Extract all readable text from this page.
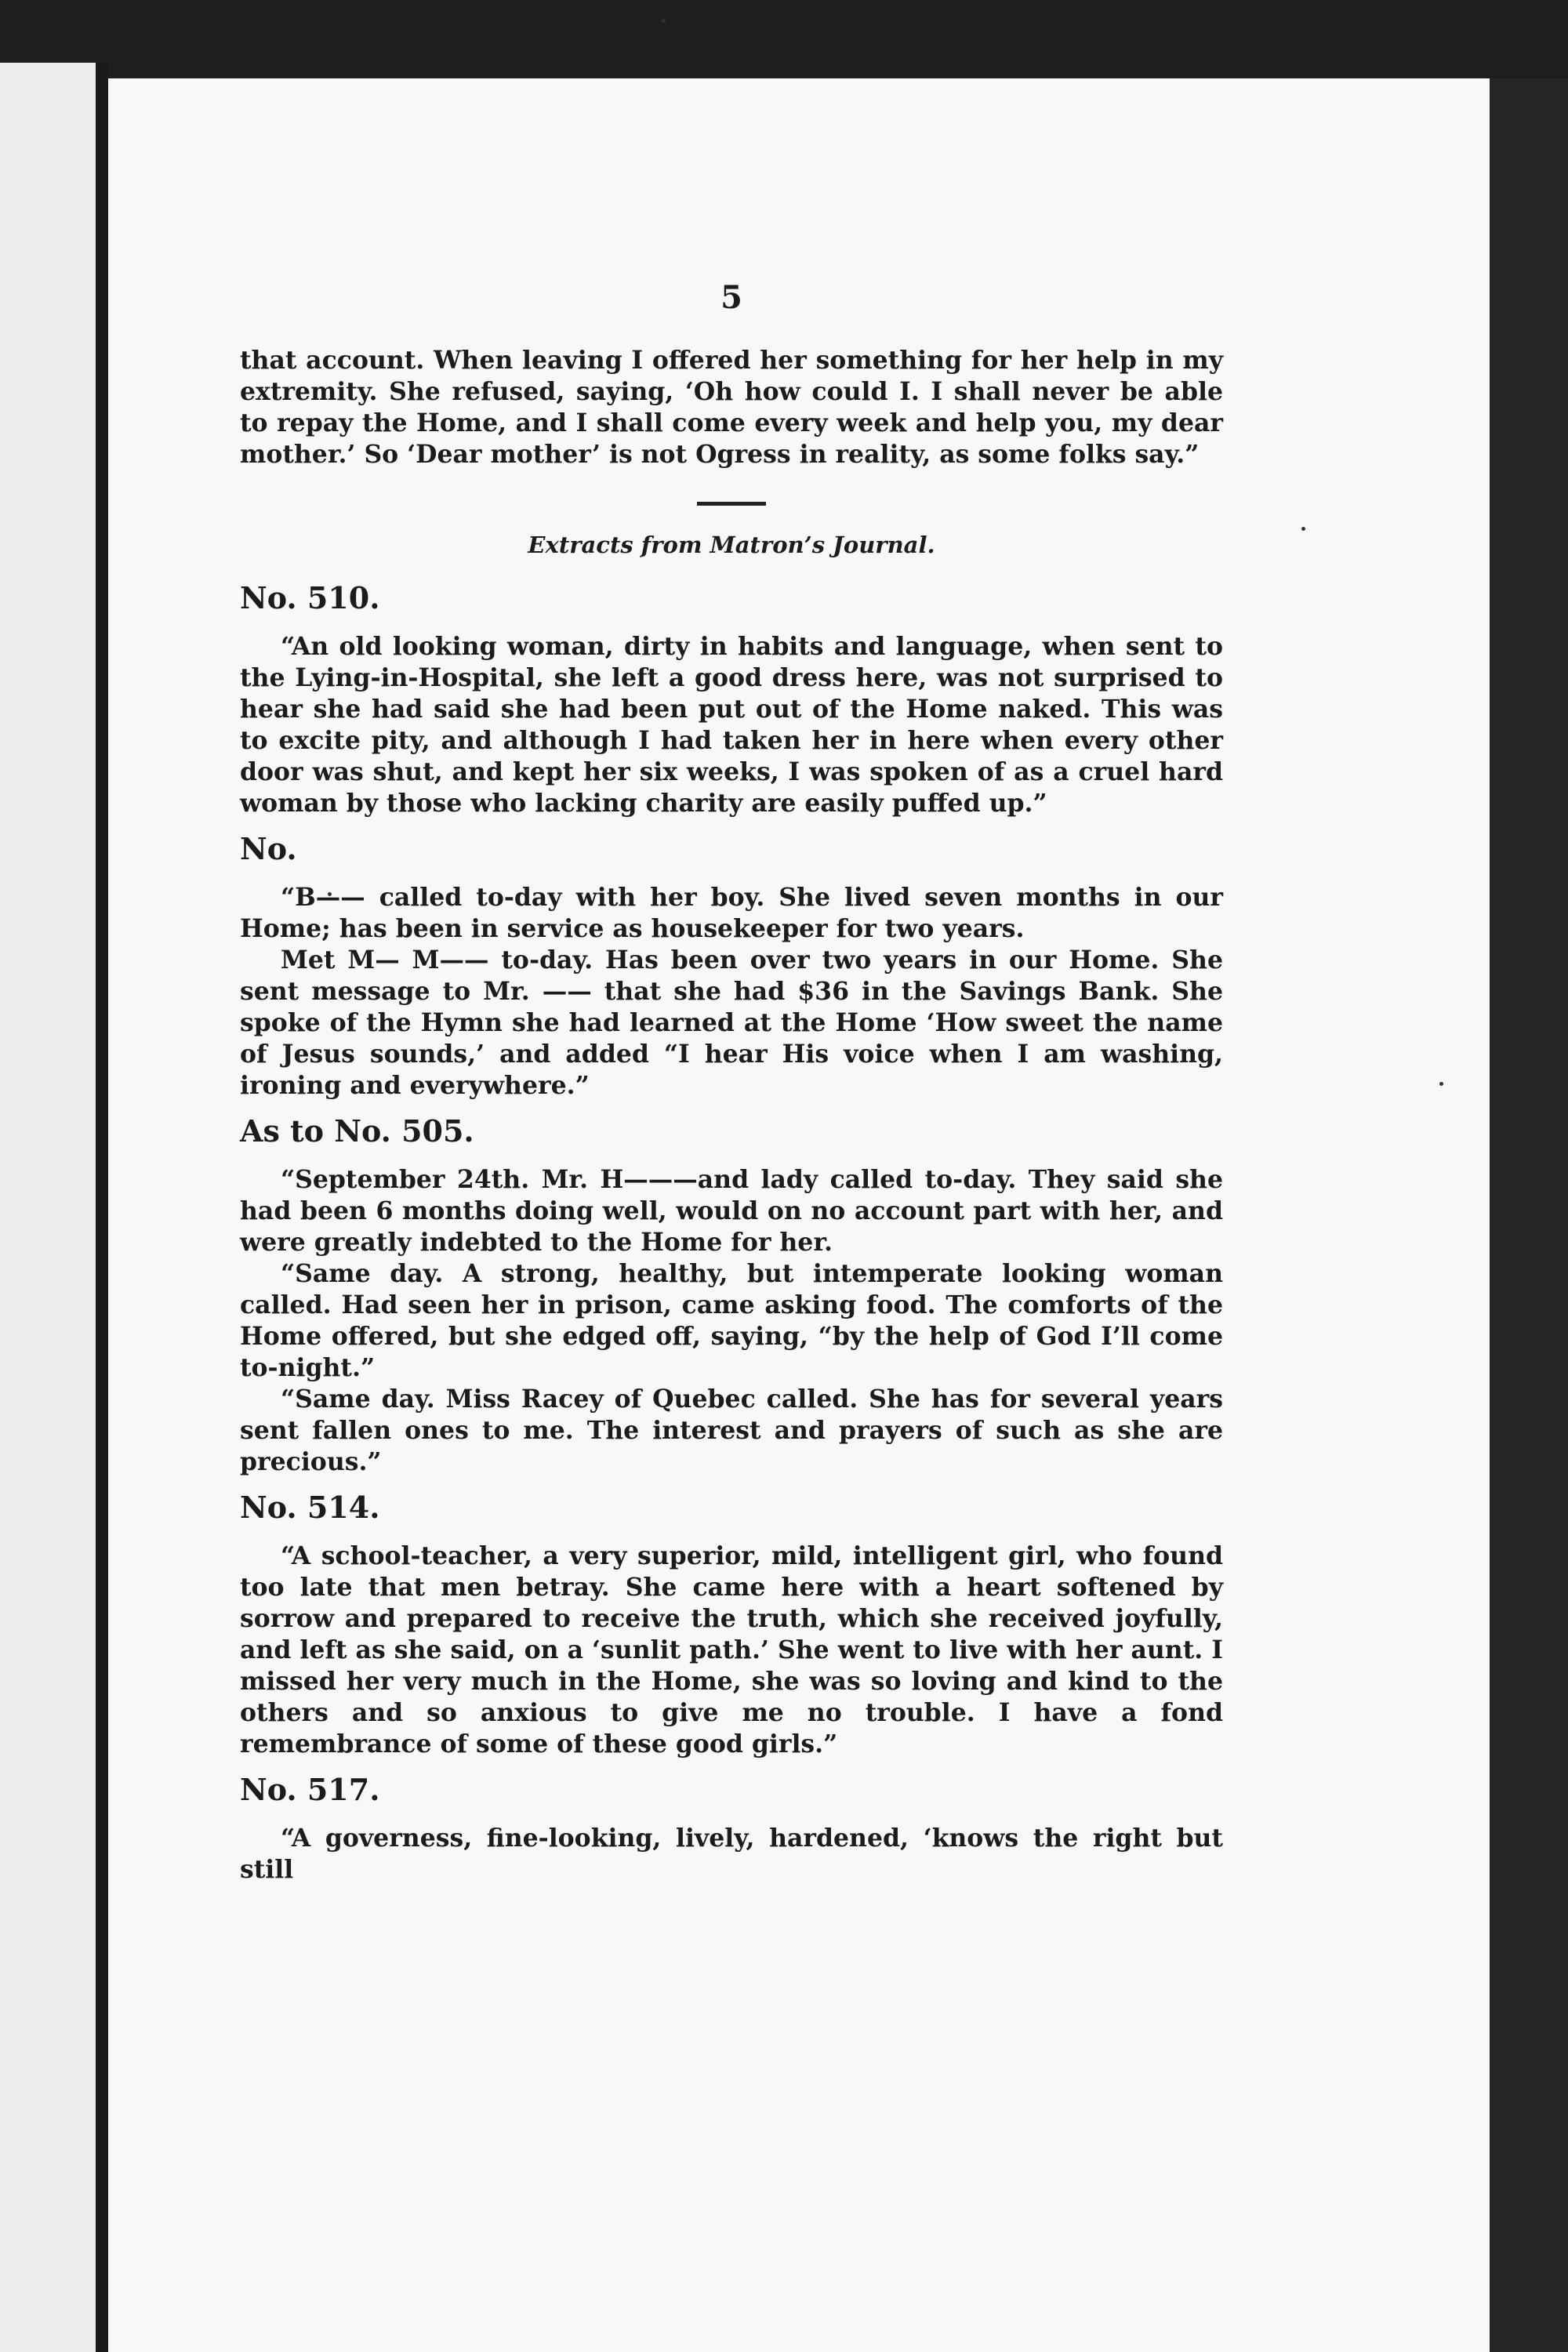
5

that account. When leaving I offered her something for her help in my extremity. She refused, saying, ‘Oh how could I. I shall never be able to repay the Home, and I shall come every week and help you, my dear mother.’ So ‘Dear mother’ is not Ogress in reality, as some folks say.”

Extracts from Matron’s Journal.
No. 510.

“An old looking woman, dirty in habits and language, when sent to the Lying-in-Hospital, she left a good dress here, was not surprised to hear she had said she had been put out of the Home naked. This was to excite pity, and although I had taken her in here when every other door was shut, and kept her six weeks, I was spoken of as a cruel hard woman by those who lacking charity are easily puffed up.”

No.

“B—— called to-day with her boy. She lived seven months in our Home; has been in service as housekeeper for two years.

Met M— M—— to-day. Has been over two years in our Home. She sent message to Mr. —— that she had $36 in the Savings Bank. She spoke of the Hymn she had learned at the Home ‘How sweet the name of Jesus sounds,’ and added “I hear His voice when I am washing, ironing and everywhere.”

As to No. 505.

“September 24th. Mr. H———and lady called to-day. They said she had been 6 months doing well, would on no account part with her, and were greatly indebted to the Home for her.

“Same day. A strong, healthy, but intemperate looking woman called. Had seen her in prison, came asking food. The comforts of the Home offered, but she edged off, saying, “by the help of God I’ll come to-night.”

“Same day. Miss Racey of Quebec called. She has for several years sent fallen ones to me. The interest and prayers of such as she are precious.”

No. 514.

“A school-teacher, a very superior, mild, intelligent girl, who found too late that men betray. She came here with a heart softened by sorrow and prepared to receive the truth, which she received joyfully, and left as she said, on a ‘sunlit path.’ She went to live with her aunt. I missed her very much in the Home, she was so loving and kind to the others and so anxious to give me no trouble. I have a fond remembrance of some of these good girls.”

No. 517.

“A governess, fine-looking, lively, hardened, ‘knows the right but still
